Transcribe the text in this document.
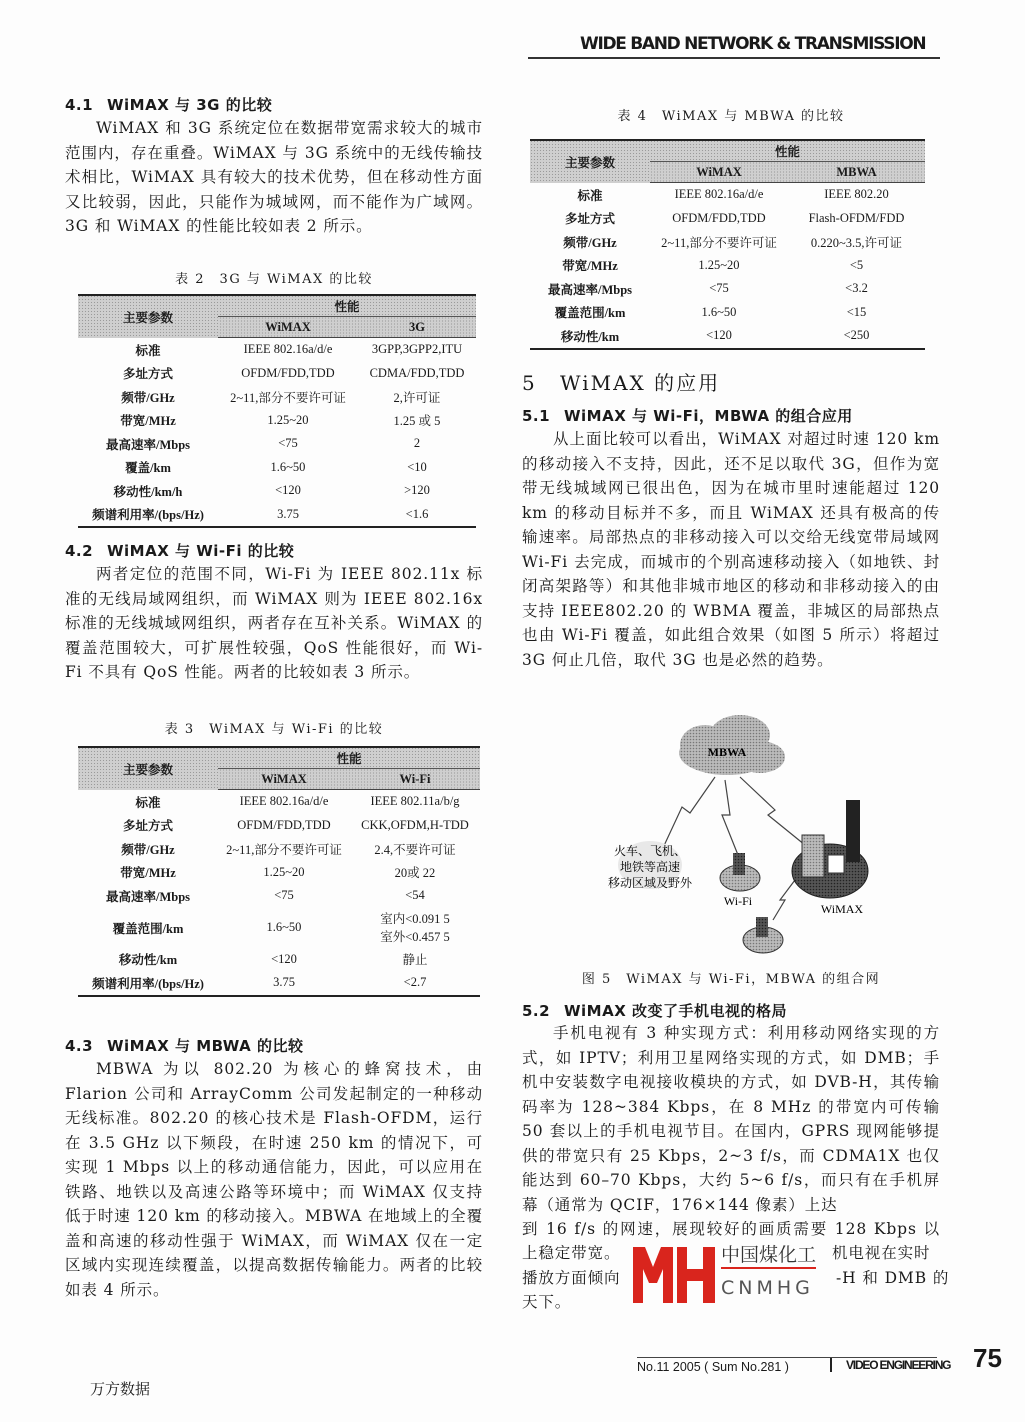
WIDE BAND NETWORK & TRANSMISSION
4.1 WiMAX 与 3G 的比较
WiMAX 和 3G 系统定位在数据带宽需求较大的城市范围内，存在重叠。WiMAX 与 3G 系统中的无线传输技术相比，WiMAX 具有较大的技术优势，但在移动性方面又比较弱，因此，只能作为城域网，而不能作为广域网。3G 和 WiMAX 的性能比较如表 2 所示。
表 2　3G 与 WiMAX 的比较
主要参数	性能	
	WiMAX	3G
标准	IEEE 802.16a/d/e	3GPP,3GPP2,ITU
多址方式	OFDM/FDD,TDD	CDMA/FDD,TDD
频带/GHz	2~11,部分不要许可证	2,许可证
带宽/MHz	1.25~20	1.25 或 5
最高速率/Mbps	<75	2
覆盖/km	1.6~50	<10
移动性/km/h	<120	>120
频谱利用率/(bps/Hz)	3.75	<1.6
4.2 WiMAX 与 Wi-Fi 的比较
两者定位的范围不同，Wi-Fi 为 IEEE 802.11x 标准的无线局域网组织，而 WiMAX 则为 IEEE 802.16x 标准的无线城域网组织，两者存在互补关系。WiMAX 的覆盖范围较大，可扩展性较强，QoS 性能很好，而 Wi-Fi 不具有 QoS 性能。两者的比较如表 3 所示。
表 3　WiMAX 与 Wi-Fi 的比较
主要参数	性能	
	WiMAX	Wi-Fi
标准	IEEE 802.16a/d/e	IEEE 802.11a/b/g
多址方式	OFDM/FDD,TDD	CKK,OFDM,H-TDD
频带/GHz	2~11,部分不要许可证	2.4,不要许可证
带宽/MHz	1.25~20	20或 22
最高速率/Mbps	<75	<54
覆盖范围/km	1.6~50	室内<0.091 5
室外<0.457 5
移动性/km	<120	静止
频谱利用率/(bps/Hz)	3.75	<2.7
4.3 WiMAX 与 MBWA 的比较
MBWA 为以 802.20 为核心的蜂窝技术，由 Flarion 公司和 ArrayComm 公司发起制定的一种移动无线标准。802.20 的核心技术是 Flash-OFDM，运行在 3.5 GHz 以下频段，在时速 250 km 的情况下，可实现 1 Mbps 以上的移动通信能力，因此，可以应用在铁路、地铁以及高速公路等环境中；而 WiMAX 仅支持低于时速 120 km 的移动接入。MBWA 在地域上的全覆盖和高速的移动性强于 WiMAX，而 WiMAX 仅在一定区域内实现连续覆盖，以提高数据传输能力。两者的比较如表 4 所示。
表 4　WiMAX 与 MBWA 的比较
主要参数	性能	
	WiMAX	MBWA
标准	IEEE 802.16a/d/e	IEEE 802.20
多址方式	OFDM/FDD,TDD	Flash-OFDM/FDD
频带/GHz	2~11,部分不要许可证	0.220~3.5,许可证
带宽/MHz	1.25~20	<5
最高速率/Mbps	<75	<3.2
覆盖范围/km	1.6~50	<15
移动性/km	<120	<250
5 WiMAX 的应用
5.1 WiMAX 与 Wi-Fi，MBWA 的组合应用
从上面比较可以看出，WiMAX 对超过时速 120 km 的移动接入不支持，因此，还不足以取代 3G，但作为宽带无线城域网已很出色，因为在城市里时速能超过 120 km 的移动目标并不多，而且 WiMAX 还具有极高的传输速率。局部热点的非移动接入可以交给无线宽带局域网 Wi-Fi 去完成，而城市的个别高速移动接入（如地铁、封闭高架路等）和其他非城市地区的移动和非移动接入的由支持 IEEE802.20 的 WBMA 覆盖，非城区的局部热点也由 Wi-Fi 覆盖，如此组合效果（如图 5 所示）将超过 3G 何止几倍，取代 3G 也是必然的趋势。
MBWA
火车、飞机、
地铁等高速
移动区域及野外
Wi-Fi
WiMAX
图 5　WiMAX 与 Wi-Fi，MBWA 的组合网
5.2 WiMAX 改变了手机电视的格局
手机电视有 3 种实现方式：利用移动网络实现的方式，如 IPTV；利用卫星网络实现的方式，如 DMB；手机中安装数字电视接收模块的方式，如 DVB-H，其传输码率为 128~384 Kbps，在 8 MHz 的带宽内可传输 50 套以上的手机电视节目。在国内，GPRS 现网能够提供的带宽只有 25 Kbps，2~3 f/s，而 CDMA1X 也仅能达到 60–70 Kbps，大约 5~6 f/s，而只有在手机屏幕（通常为 QCIF，176×144 像素）上达
到 16 f/s 的网速，展现较好的画质需要 128 Kbps 以
上稳定带宽。	机电视在实时
播放方面倾向	-H 和 DMB 的
天下。
中国煤化工
CNMHG
No.11 2005 ( Sum No.281 )	VIDEO ENGINEERING 75
万方数据
